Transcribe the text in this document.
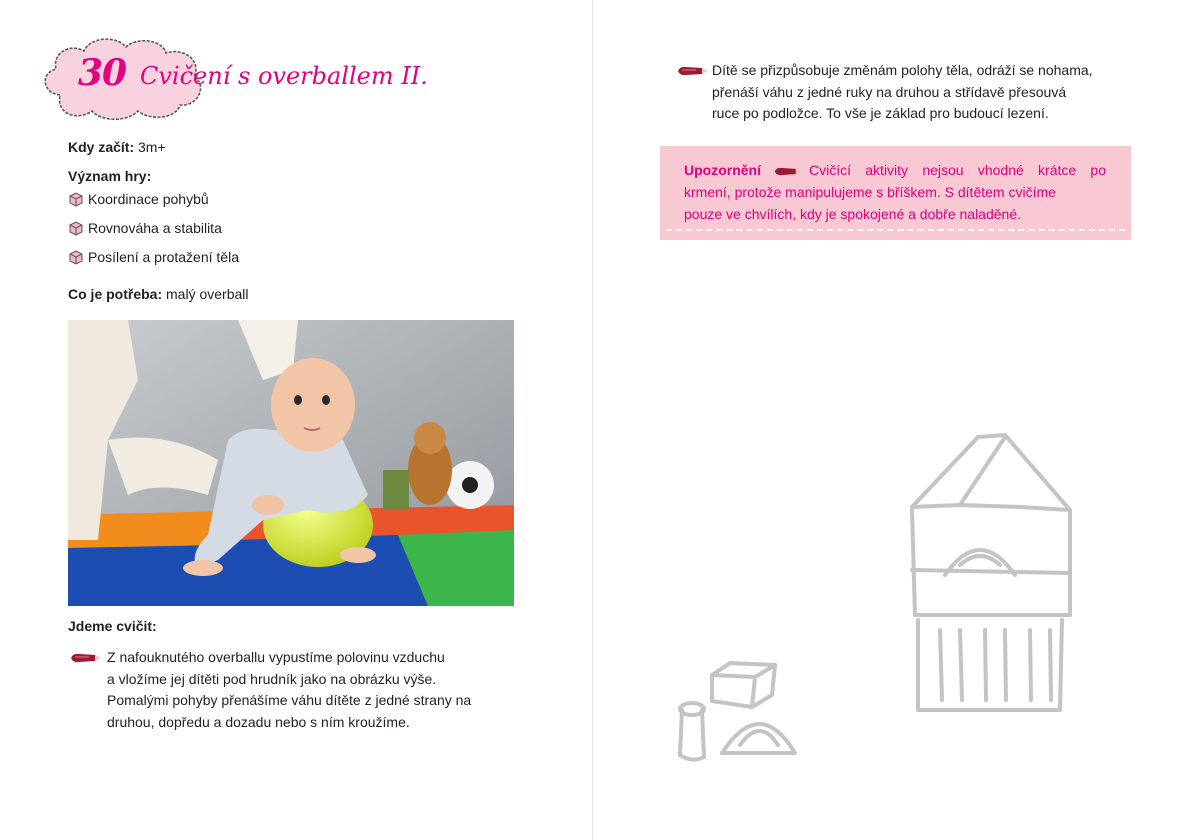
30 Cvičení s overballem II.
Kdy začít: 3m+
Význam hry:
Koordinace pohybů
Rovnováha a stabilita
Posílení a protažení těla
Co je potřeba: malý overball
Jdeme cvičit:
Z nafouknutého overballu vypustíme polovinu vzduchu
a vložíme jej dítěti pod hrudník jako na obrázku výše.
Pomalými pohyby přenášíme váhu dítěte z jedné strany na
druhou, dopředu a dozadu nebo s ním kroužíme.
Dítě se přizpůsobuje změnám polohy těla, odráží se nohama,
přenáší váhu z jedné ruky na druhou a střídavě přesouvá
ruce po podložce. To vše je základ pro budoucí lezení.
Upozornění	Cvičící aktivity nejsou vhodné krátce po
krmení, protože manipulujeme s bříškem. S dítětem cvičíme
pouze ve chvílích, kdy je spokojené a dobře naladěné.
